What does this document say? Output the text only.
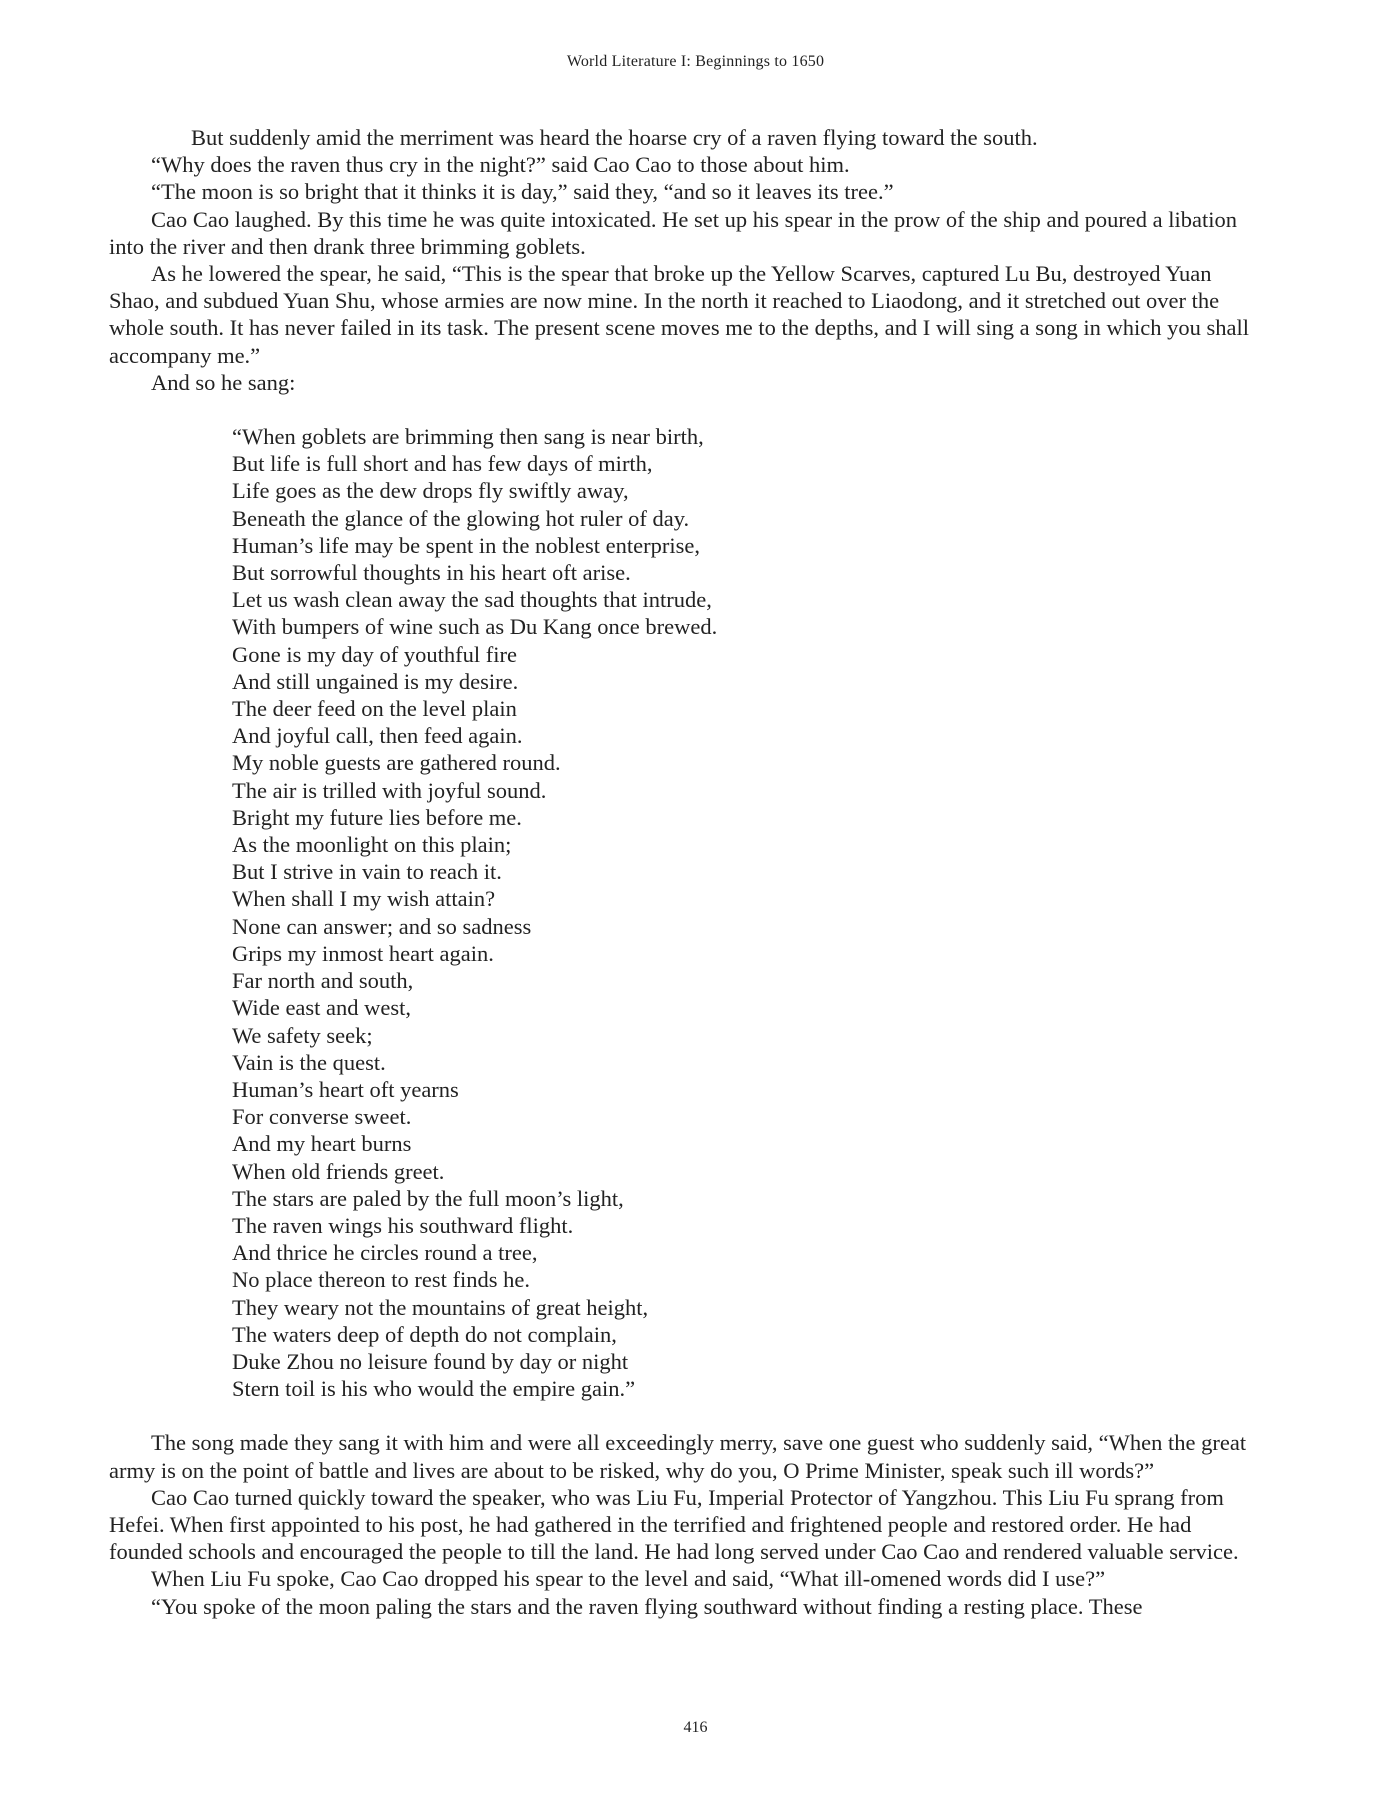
World Literature I: Beginnings to 1650

But suddenly amid the merriment was heard the hoarse cry of a raven flying toward the south.

“Why does the raven thus cry in the night?” said Cao Cao to those about him.

“The moon is so bright that it thinks it is day,” said they, “and so it leaves its tree.”

Cao Cao laughed. By this time he was quite intoxicated. He set up his spear in the prow of the ship and poured a libation into the river and then drank three brimming goblets.

As he lowered the spear, he said, “This is the spear that broke up the Yellow Scarves, captured Lu Bu, destroyed Yuan Shao, and subdued Yuan Shu, whose armies are now mine. In the north it reached to Liaodong, and it stretched out over the whole south. It has never failed in its task. The present scene moves me to the depths, and I will sing a song in which you shall accompany me.”

And so he sang:

“When goblets are brimming then sang is near birth,
But life is full short and has few days of mirth,
Life goes as the dew drops fly swiftly away,
Beneath the glance of the glowing hot ruler of day.
Human’s life may be spent in the noblest enterprise,
But sorrowful thoughts in his heart oft arise.
Let us wash clean away the sad thoughts that intrude,
With bumpers of wine such as Du Kang once brewed.
Gone is my day of youthful fire
And still ungained is my desire.
The deer feed on the level plain
And joyful call, then feed again.
My noble guests are gathered round.
The air is trilled with joyful sound.
Bright my future lies before me.
As the moonlight on this plain;
But I strive in vain to reach it.
When shall I my wish attain?
None can answer; and so sadness
Grips my inmost heart again.
Far north and south,
Wide east and west,
We safety seek;
Vain is the quest.
Human’s heart oft yearns
For converse sweet.
And my heart burns
When old friends greet.
The stars are paled by the full moon’s light,
The raven wings his southward flight.
And thrice he circles round a tree,
No place thereon to rest finds he.
They weary not the mountains of great height,
The waters deep of depth do not complain,
Duke Zhou no leisure found by day or night
Stern toil is his who would the empire gain.”

The song made they sang it with him and were all exceedingly merry, save one guest who suddenly said, “When the great army is on the point of battle and lives are about to be risked, why do you, O Prime Minister, speak such ill words?”

Cao Cao turned quickly toward the speaker, who was Liu Fu, Imperial Protector of Yangzhou. This Liu Fu sprang from Hefei. When first appointed to his post, he had gathered in the terrified and frightened people and restored order. He had founded schools and encouraged the people to till the land. He had long served under Cao Cao and rendered valuable service.

When Liu Fu spoke, Cao Cao dropped his spear to the level and said, “What ill-omened words did I use?”

“You spoke of the moon paling the stars and the raven flying southward without finding a resting place. These

416
